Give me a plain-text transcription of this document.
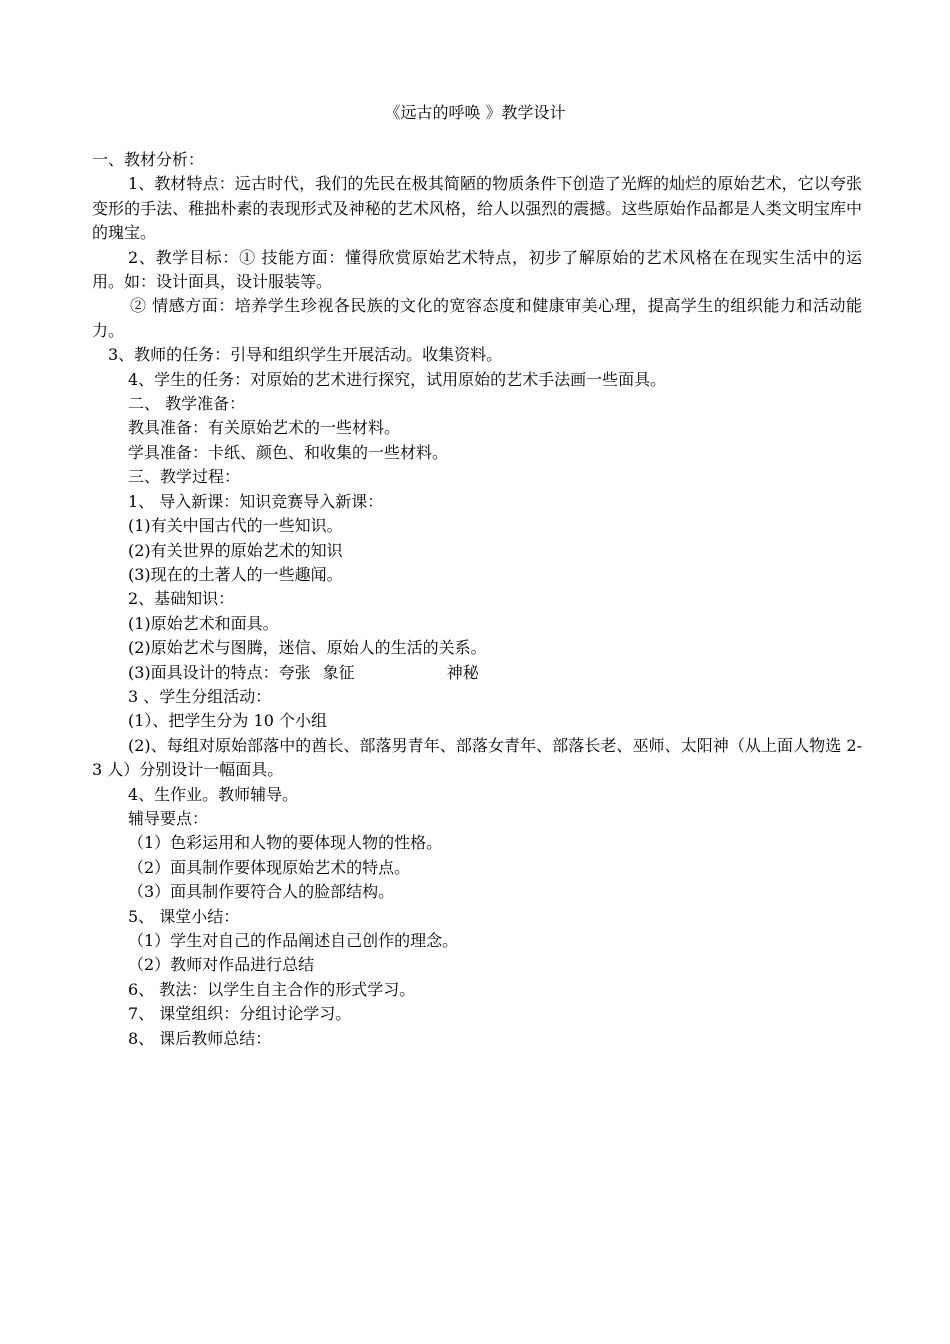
《远古的呼唤 》教学设计

一、教材分析：

1、教材特点：远古时代，我们的先民在极其简陋的物质条件下创造了光辉的灿烂的原始艺术，它以夸张变形的手法、稚拙朴素的表现形式及神秘的艺术风格，给人以强烈的震撼。这些原始作品都是人类文明宝库中的瑰宝。

2、教学目标：① 技能方面：懂得欣赏原始艺术特点，初步了解原始的艺术风格在在现实生活中的运用。如：设计面具，设计服装等。

② 情感方面：培养学生珍视各民族的文化的宽容态度和健康审美心理，提高学生的组织能力和活动能力。

3、教师的任务：引导和组织学生开展活动。收集资料。

4、学生的任务：对原始的艺术进行探究，试用原始的艺术手法画一些面具。

二、 教学准备：

教具准备：有关原始艺术的一些材料。

学具准备：卡纸、颜色、和收集的一些材料。

三、教学过程：

1、 导入新课：知识竞赛导入新课：

(1)有关中国古代的一些知识。

(2)有关世界的原始艺术的知识

(3)现在的土著人的一些趣闻。

2、基础知识：

(1)原始艺术和面具。

(2)原始艺术与图腾，迷信、原始人的生活的关系。

(3)面具设计的特点：夸张 象征	神秘

3 、学生分组活动：

(1）、把学生分为 10 个小组

(2)、每组对原始部落中的酋长、部落男青年、部落女青年、部落长老、巫师、太阳神（从上面人物选 2-3 人）分别设计一幅面具。

4、生作业。教师辅导。

辅导要点：

（1）色彩运用和人物的要体现人物的性格。

（2）面具制作要体现原始艺术的特点。

（3）面具制作要符合人的脸部结构。

5、 课堂小结：

（1）学生对自己的作品阐述自己创作的理念。

（2）教师对作品进行总结

6、 教法：以学生自主合作的形式学习。

7、 课堂组织：分组讨论学习。

8、 课后教师总结：
